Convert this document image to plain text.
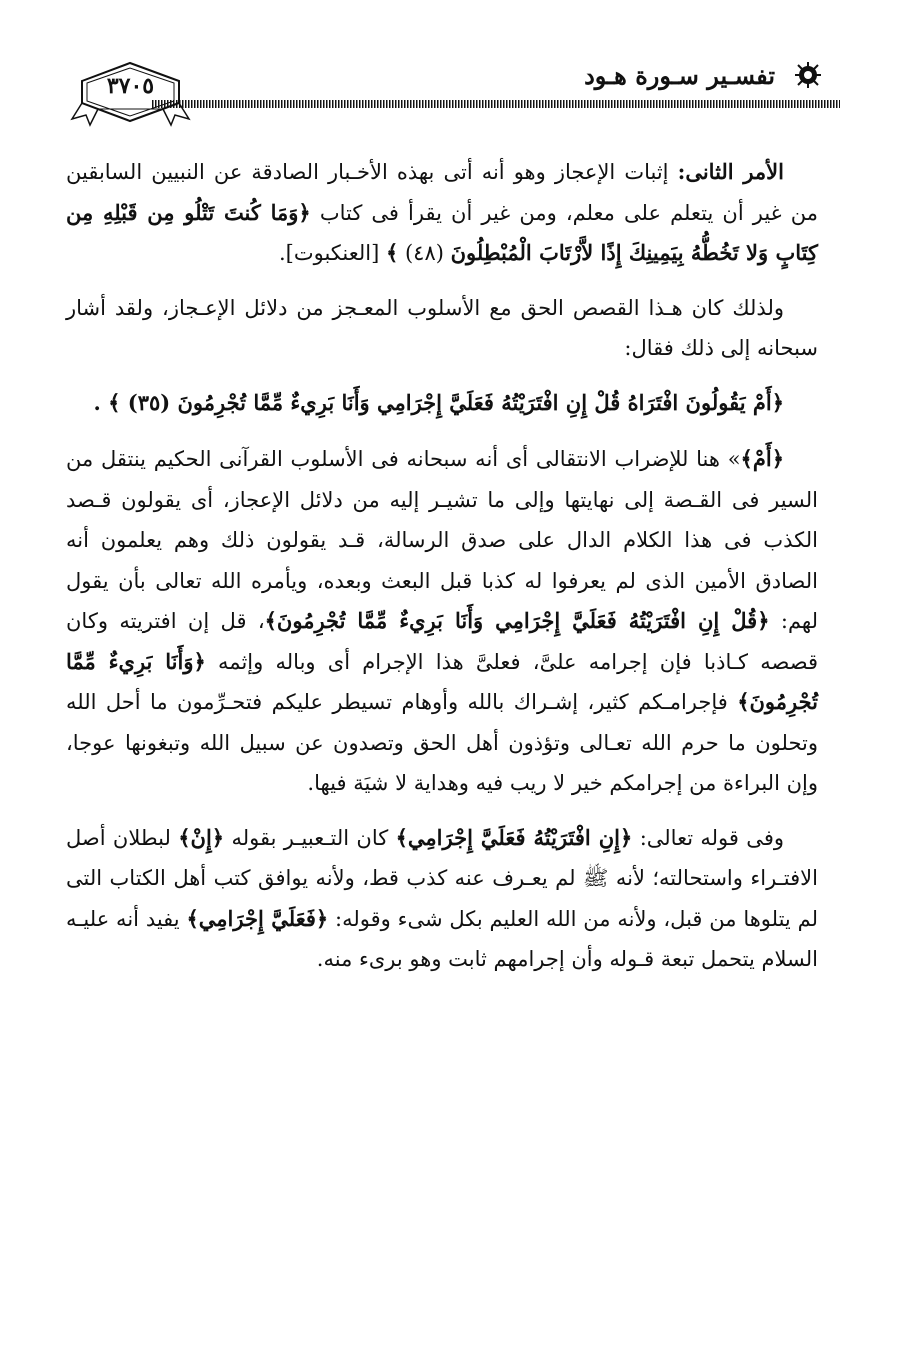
٣٧٠٥	تفسـير سـورة هـود

الأمر الثانى: إثبات الإعجاز وهو أنه أتى بهذه الأخـبار الصادقة عن النبيين السابقين من غير أن يتعلم على معلم، ومن غير أن يقرأ فى كتاب ﴿وَمَا كُنتَ تَتْلُو مِن قَبْلِهِ مِن كِتَابٍ وَلا تَخُطُّهُ بِيَمِينِكَ إِذًا لاَّرْتَابَ الْمُبْطِلُونَ (٤٨) ﴾ [العنكبوت].

ولذلك كان هـذا القصص الحق مع الأسلوب المعـجز من دلائل الإعـجاز، ولقد أشار سبحانه إلى ذلك فقال:

﴿أَمْ يَقُولُونَ افْتَرَاهُ قُلْ إِنِ افْتَرَيْتُهُ فَعَلَيَّ إِجْرَامِي وَأَنَا بَرِيءٌ مِّمَّا تُجْرِمُونَ (٣٥) ﴾ .

﴿أَمْ﴾» هنا للإضراب الانتقالى أى أنه سبحانه فى الأسلوب القرآنى الحكيم ينتقل من السير فى القـصة إلى نهايتها وإلى ما تشيـر إليه من دلائل الإعجاز، أى يقولون قـصد الكذب فى هذا الكلام الدال على صدق الرسالة، قـد يقولون ذلك وهم يعلمون أنه الصادق الأمين الذى لم يعرفوا له كذبا قبل البعث وبعده، ويأمره الله تعالى بأن يقول لهم: ﴿قُلْ إِنِ افْتَرَيْتُهُ فَعَلَيَّ إِجْرَامِي وَأَنَا بَرِيءٌ مِّمَّا تُجْرِمُونَ﴾، قل إن افتريته وكان قصصه كـاذبا فإن إجرامه علىَّ، فعلىَّ هذا الإجرام أى وباله وإثمه ﴿وَأَنَا بَرِيءٌ مِّمَّا تُجْرِمُونَ﴾ فإجرامـكم كثير، إشـراك بالله وأوهام تسيطر عليكم فتحـرِّمون ما أحل الله وتحلون ما حرم الله تعـالى وتؤذون أهل الحق وتصدون عن سبيل الله وتبغونها عوجا، وإن البراءة من إجرامكم خير لا ريب فيه وهداية لا شيَة فيها.

وفى قوله تعالى: ﴿إِنِ افْتَرَيْتُهُ فَعَلَيَّ إِجْرَامِي﴾ كان التـعبيـر بقوله ﴿إِنْ﴾ لبطلان أصل الافتـراء واستحالته؛ لأنه ﷺ لم يعـرف عنه كذب قط، ولأنه يوافق كتب أهل الكتاب التى لم يتلوها من قبل، ولأنه من الله العليم بكل شىء وقوله: ﴿فَعَلَيَّ إِجْرَامِي﴾ يفيد أنه عليـه السلام يتحمل تبعة قـوله وأن إجرامهم ثابت وهو برىء منه.
